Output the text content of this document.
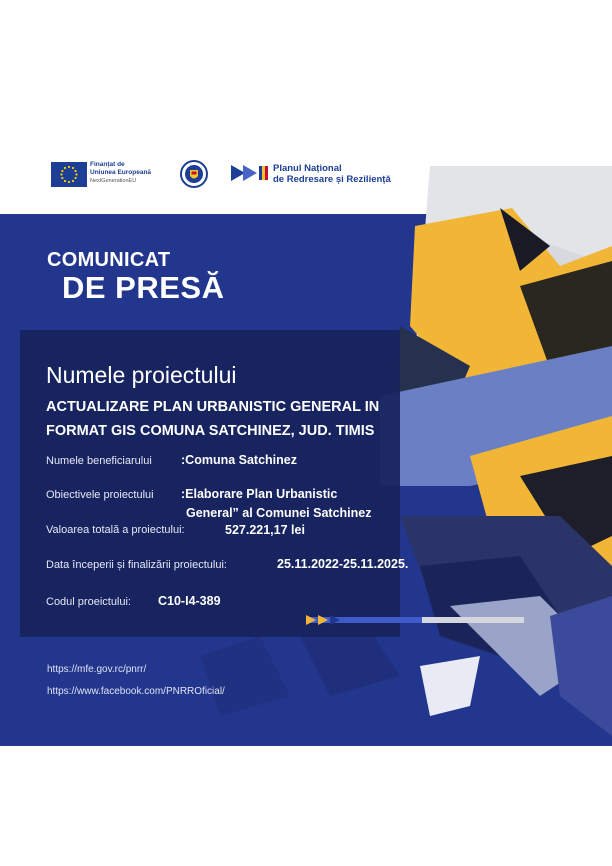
Finanțat de
Uniunea Europeană
NextGenerationEU
Planul Național
de Redresare și Reziliență
COMUNICAT
DE PRESĂ
Numele proiectului
ACTUALIZARE PLAN URBANISTIC GENERAL IN
FORMAT GIS COMUNA SATCHINEZ, JUD. TIMIS
Numele beneficiarului :Comuna Satchinez
Obiectivele proiectului :Elaborare Plan Urbanistic
General” al Comunei Satchinez
Valoarea totală a proiectului:	527.221,17 lei
Data începerii și finalizării proiectului:	25.11.2022-25.11.2025.
Codul proeictului: C10-I4-389
https://mfe.gov.rc/pnrr/
https://www.facebook.com/PNRROficial/
